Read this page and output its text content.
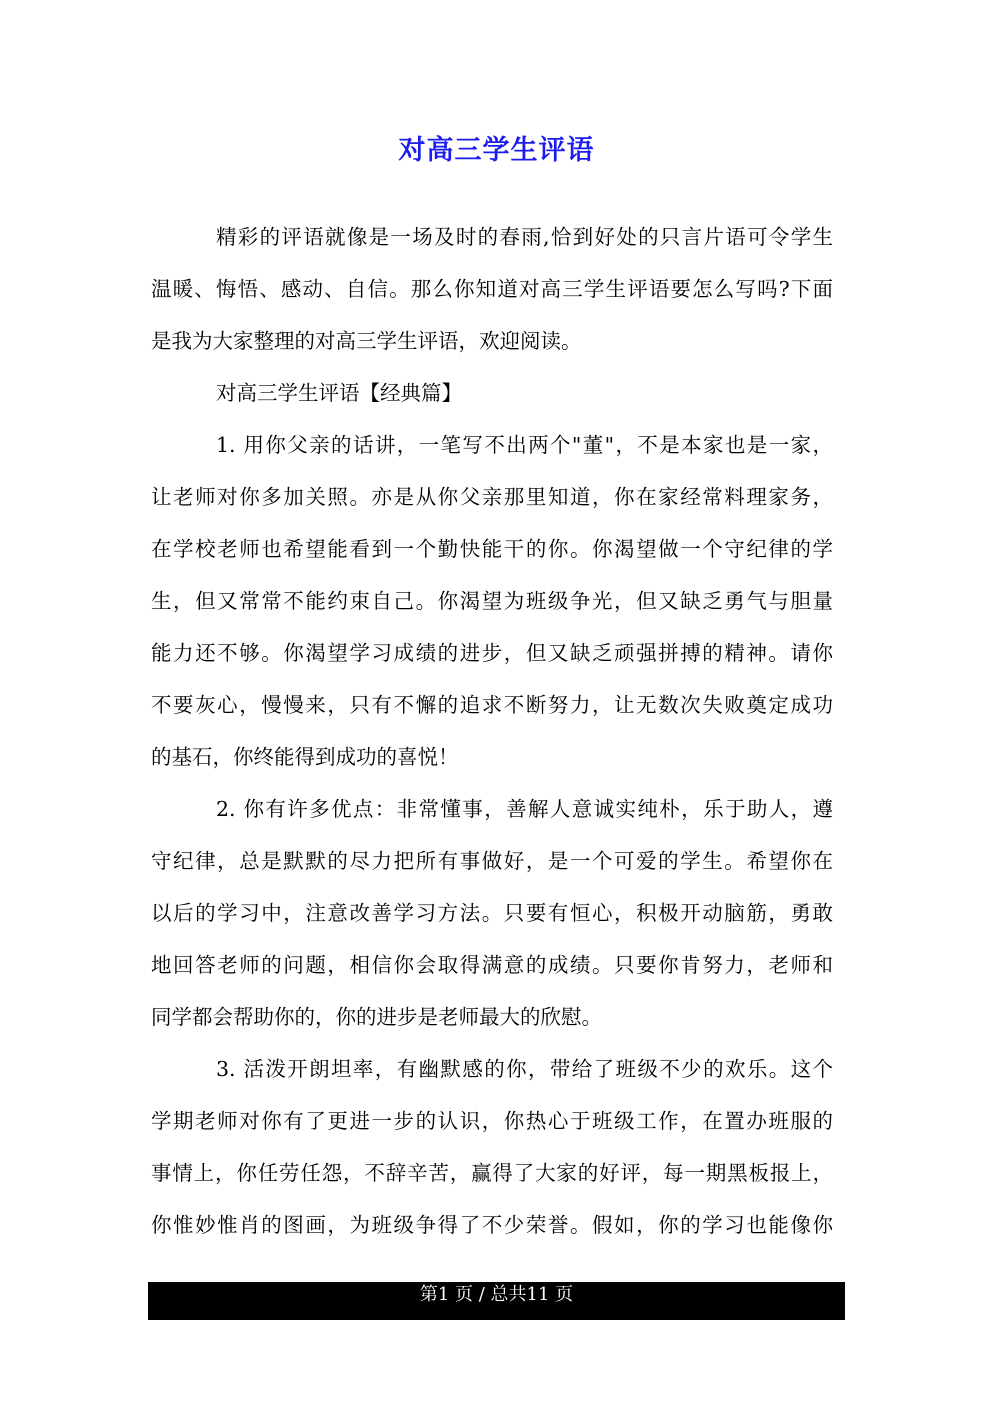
对高三学生评语
精彩的评语就像是一场及时的春雨,恰到好处的只言片语可令学生
温暖、悔悟、感动、自信。那么你知道对高三学生评语要怎么写吗?下面
是我为大家整理的对高三学生评语，欢迎阅读。
对高三学生评语【经典篇】
1. 用你父亲的话讲，一笔写不出两个"董"，不是本家也是一家，
让老师对你多加关照。亦是从你父亲那里知道，你在家经常料理家务，
在学校老师也希望能看到一个勤快能干的你。你渴望做一个守纪律的学
生，但又常常不能约束自己。你渴望为班级争光，但又缺乏勇气与胆量
能力还不够。你渴望学习成绩的进步，但又缺乏顽强拼搏的精神。请你
不要灰心，慢慢来，只有不懈的追求不断努力，让无数次失败奠定成功
的基石，你终能得到成功的喜悦！
2. 你有许多优点：非常懂事，善解人意诚实纯朴，乐于助人，遵
守纪律，总是默默的尽力把所有事做好，是一个可爱的学生。希望你在
以后的学习中，注意改善学习方法。只要有恒心，积极开动脑筋，勇敢
地回答老师的问题，相信你会取得满意的成绩。只要你肯努力，老师和
同学都会帮助你的，你的进步是老师最大的欣慰。
3. 活泼开朗坦率，有幽默感的你，带给了班级不少的欢乐。这个
学期老师对你有了更进一步的认识，你热心于班级工作，在置办班服的
事情上，你任劳任怨，不辞辛苦，赢得了大家的好评，每一期黑板报上，
你惟妙惟肖的图画，为班级争得了不少荣誉。假如，你的学习也能像你
第1 页 / 总共11 页
